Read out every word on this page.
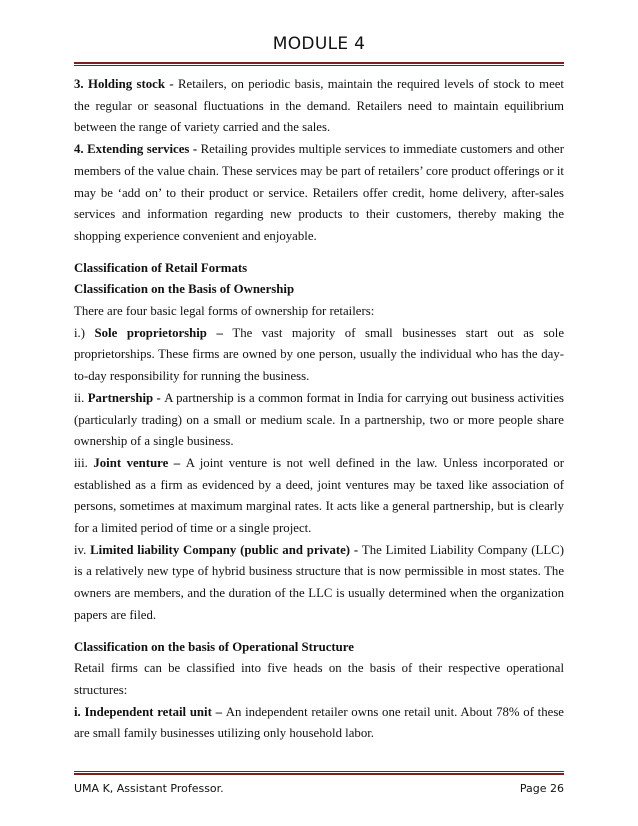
MODULE 4

3. Holding stock - Retailers, on periodic basis, maintain the required levels of stock to meet the regular or seasonal fluctuations in the demand. Retailers need to maintain equilibrium between the range of variety carried and the sales.

4. Extending services - Retailing provides multiple services to immediate customers and other members of the value chain. These services may be part of retailers’ core product offerings or it may be ‘add on’ to their product or service. Retailers offer credit, home delivery, after-sales services and information regarding new products to their customers, thereby making the shopping experience convenient and enjoyable.

Classification of Retail Formats

Classification on the Basis of Ownership

There are four basic legal forms of ownership for retailers:

i.) Sole proprietorship – The vast majority of small businesses start out as sole proprietorships. These firms are owned by one person, usually the individual who has the day-to-day responsibility for running the business.

ii. Partnership - A partnership is a common format in India for carrying out business activities (particularly trading) on a small or medium scale. In a partnership, two or more people share ownership of a single business.

iii. Joint venture – A joint venture is not well defined in the law. Unless incorporated or established as a firm as evidenced by a deed, joint ventures may be taxed like association of persons, sometimes at maximum marginal rates. It acts like a general partnership, but is clearly for a limited period of time or a single project.

iv. Limited liability Company (public and private) - The Limited Liability Company (LLC) is a relatively new type of hybrid business structure that is now permissible in most states. The owners are members, and the duration of the LLC is usually determined when the organization papers are filed.

Classification on the basis of Operational Structure

Retail firms can be classified into five heads on the basis of their respective operational structures:

i. Independent retail unit – An independent retailer owns one retail unit. About 78% of these are small family businesses utilizing only household labor.

UMA K, Assistant Professor.	Page 26
